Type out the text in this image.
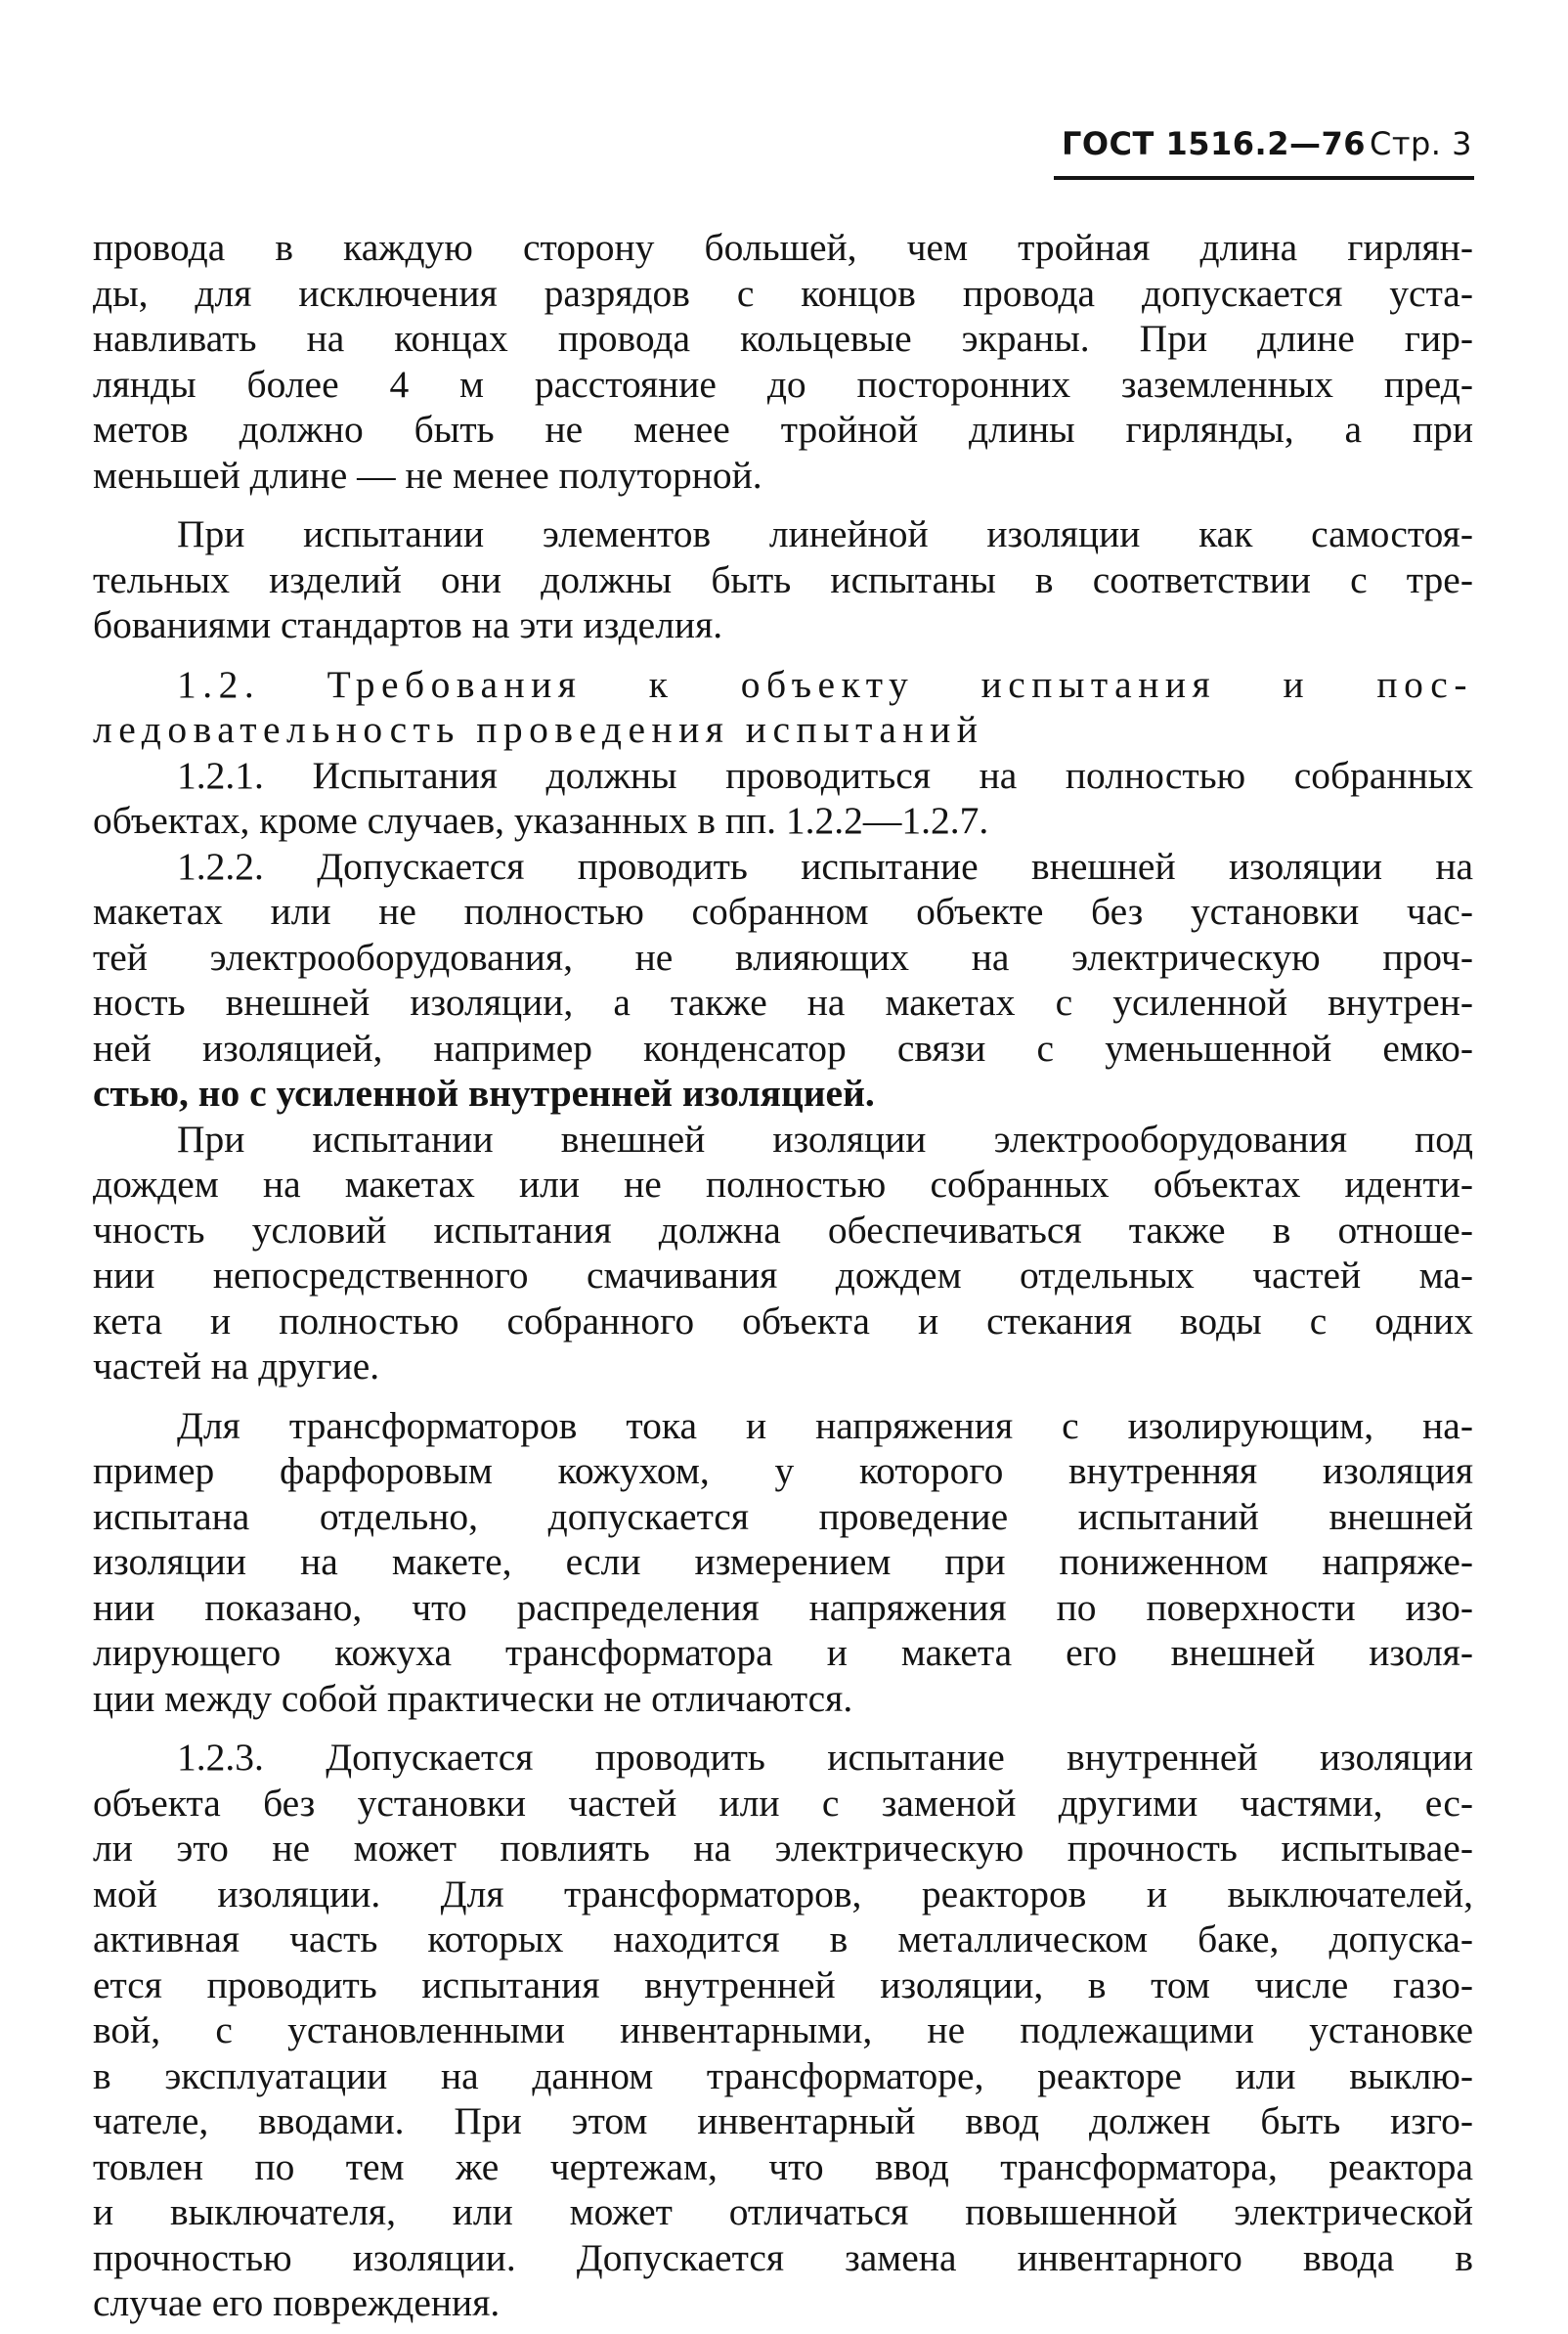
ГОСТ 1516.2—76 Стр. 3
провода в каждую сторону большей, чем тройная длина гирлян-
ды, для исключения разрядов с концов провода допускается уста-
навливать на концах провода кольцевые экраны. При длине гир-
лянды более 4 м расстояние до посторонних заземленных пред-
метов должно быть не менее тройной длины гирлянды, а при
меньшей длине — не менее полуторной.
При испытании элементов линейной изоляции как самостоя-
тельных изделий они должны быть испытаны в соответствии с тре-
бованиями стандартов на эти изделия.
1.2. Требования к объекту испытания и пос-
ледовательность проведения испытаний
1.2.1. Испытания должны проводиться на полностью собранных
объектах, кроме случаев, указанных в пп. 1.2.2—1.2.7.
1.2.2. Допускается проводить испытание внешней изоляции на
макетах или не полностью собранном объекте без установки час-
тей электрооборудования, не влияющих на электрическую проч-
ность внешней изоляции, а также на макетах с усиленной внутрен-
ней изоляцией, например конденсатор связи с уменьшенной емко-
стью, но с усиленной внутренней изоляцией.
При испытании внешней изоляции электрооборудования под
дождем на макетах или не полностью собранных объектах иденти-
чность условий испытания должна обеспечиваться также в отноше-
нии непосредственного смачивания дождем отдельных частей ма-
кета и полностью собранного объекта и стекания воды с одних
частей на другие.
Для трансформаторов тока и напряжения с изолирующим, на-
пример фарфоровым кожухом, у которого внутренняя изоляция
испытана отдельно, допускается проведение испытаний внешней
изоляции на макете, если измерением при пониженном напряже-
нии показано, что распределения напряжения по поверхности изо-
лирующего кожуха трансформатора и макета его внешней изоля-
ции между собой практически не отличаются.
1.2.3. Допускается проводить испытание внутренней изоляции
объекта без установки частей или с заменой другими частями, ес-
ли это не может повлиять на электрическую прочность испытывае-
мой изоляции. Для трансформаторов, реакторов и выключателей,
активная часть которых находится в металлическом баке, допуска-
ется проводить испытания внутренней изоляции, в том числе газо-
вой, с установленными инвентарными, не подлежащими установке
в эксплуатации на данном трансформаторе, реакторе или выклю-
чателе, вводами. При этом инвентарный ввод должен быть изго-
товлен по тем же чертежам, что ввод трансформатора, реактора
и выключателя, или может отличаться повышенной электрической
прочностью изоляции. Допускается замена инвентарного ввода в
случае его повреждения.
